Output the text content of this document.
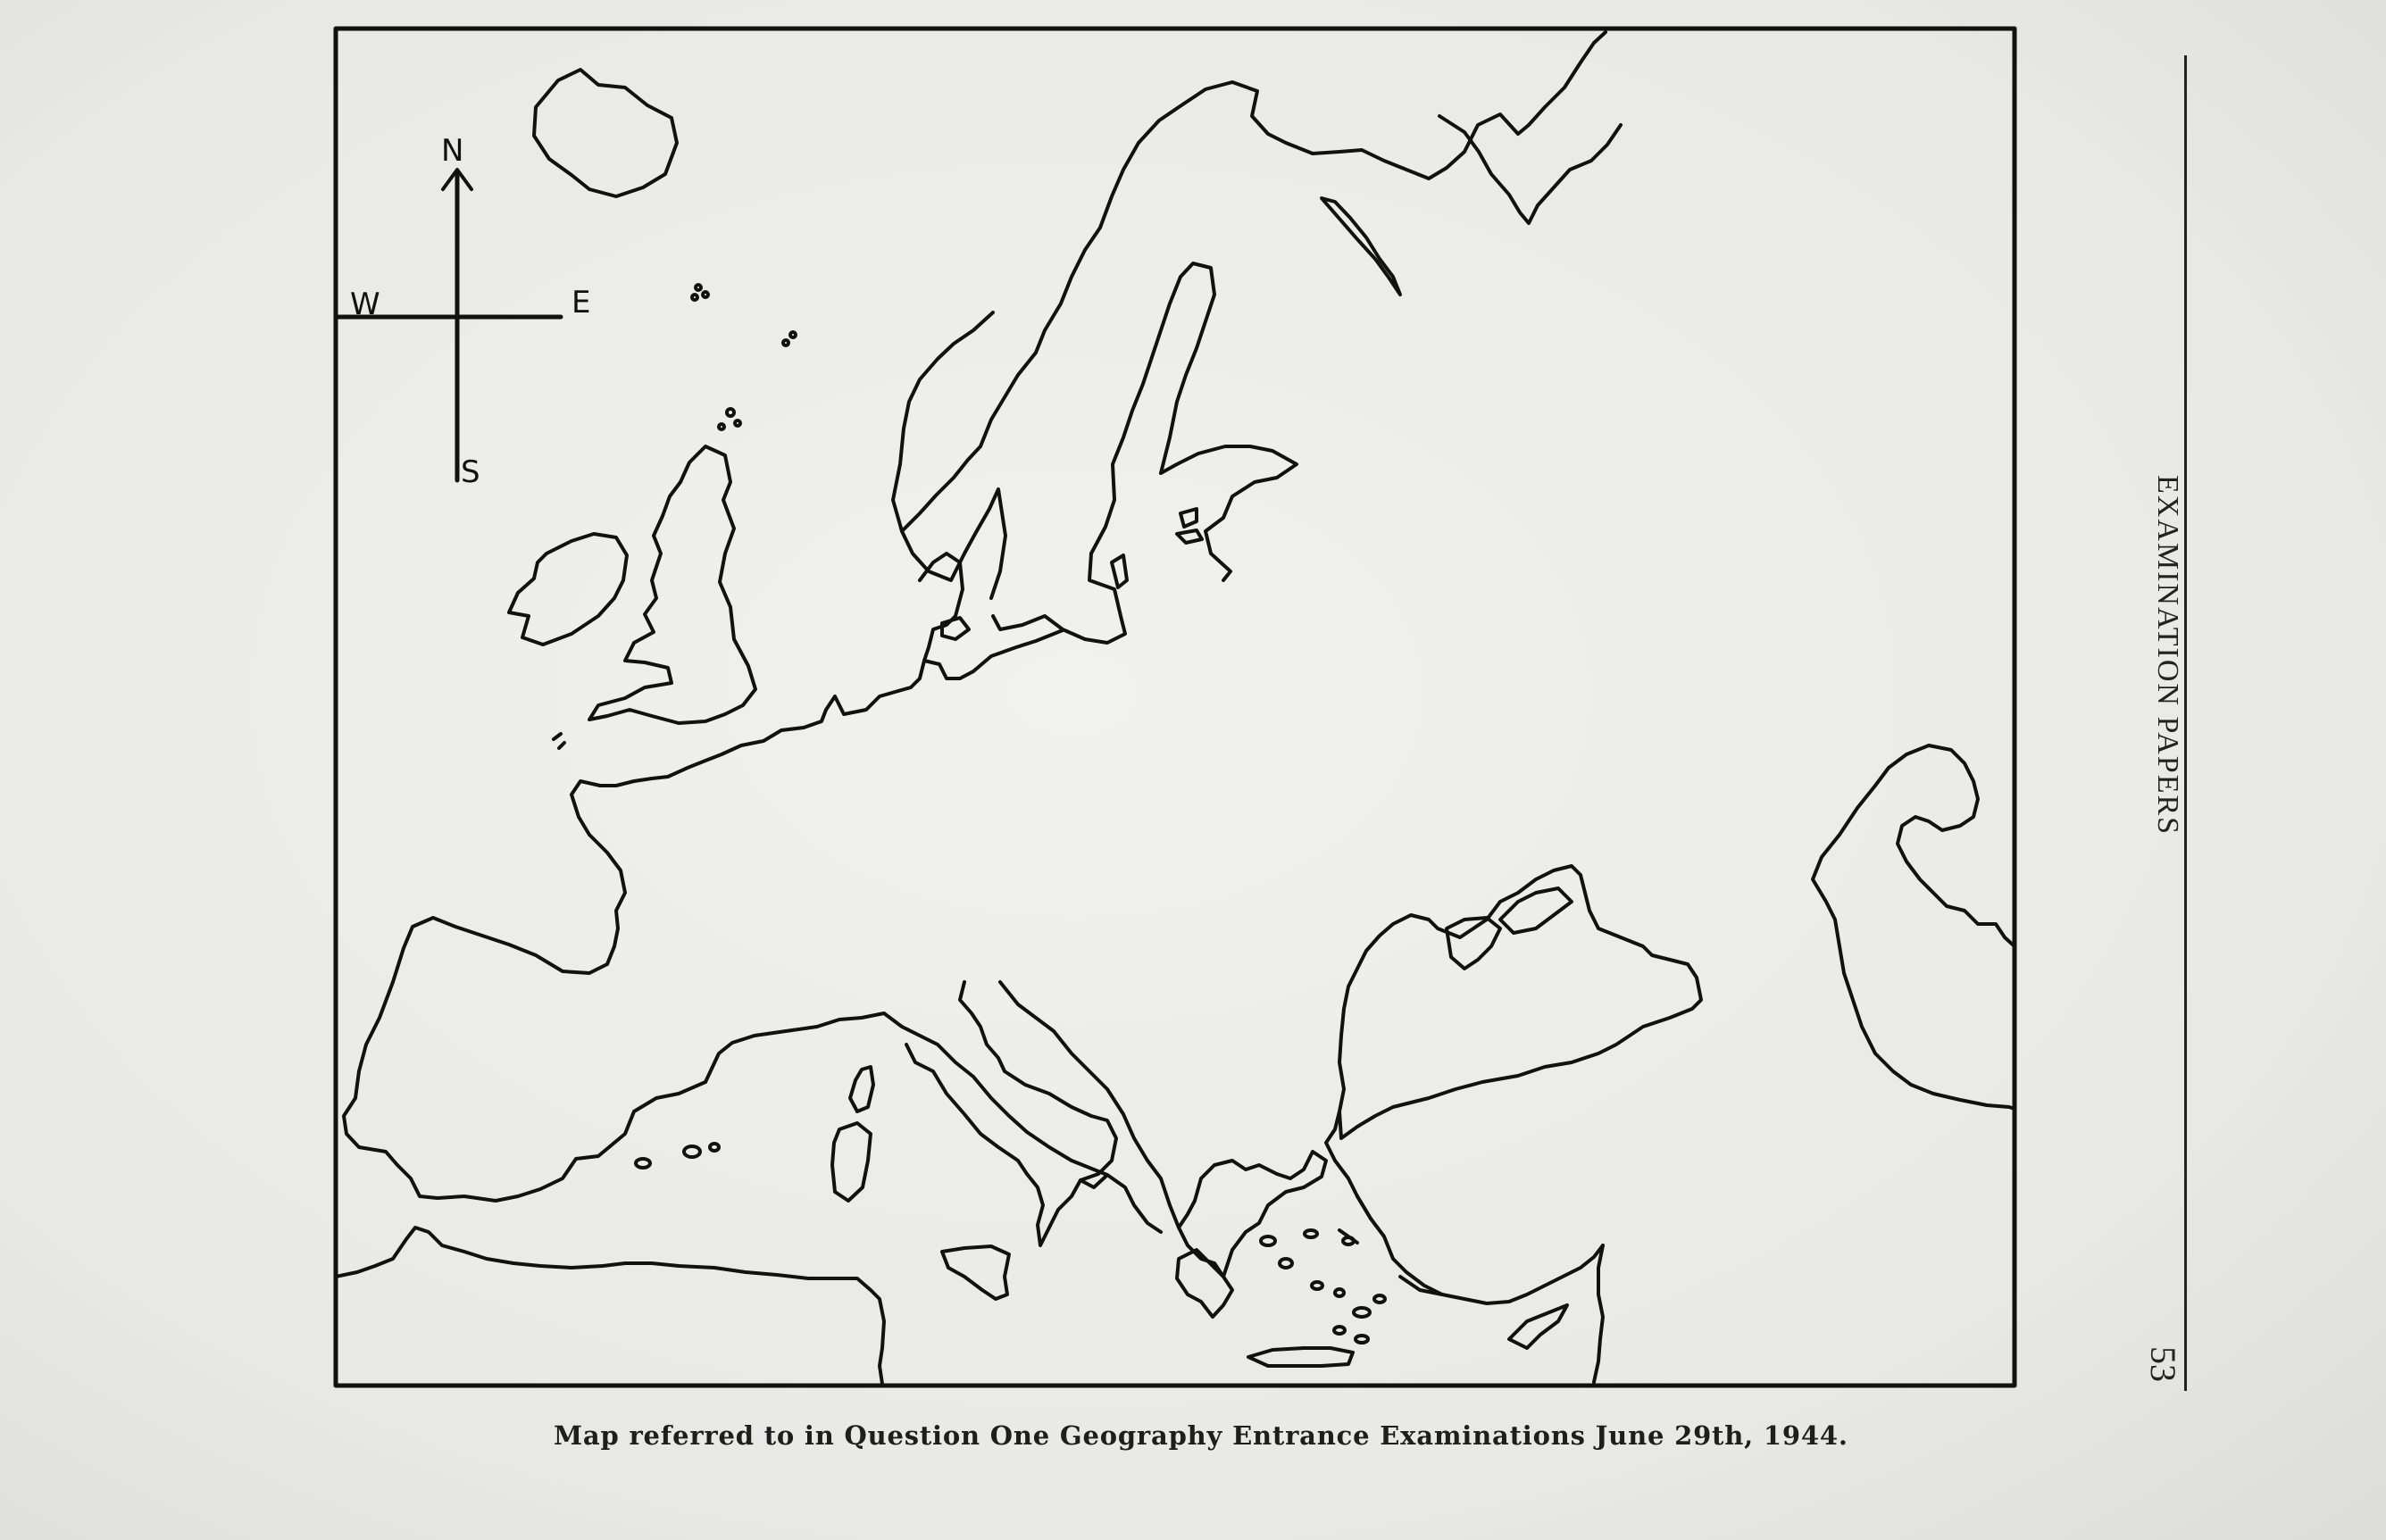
N
S
E
W
Map referred to in Question One Geography Entrance Examinations June 29th, 1944.
EXAMINATION PAPERS
53
